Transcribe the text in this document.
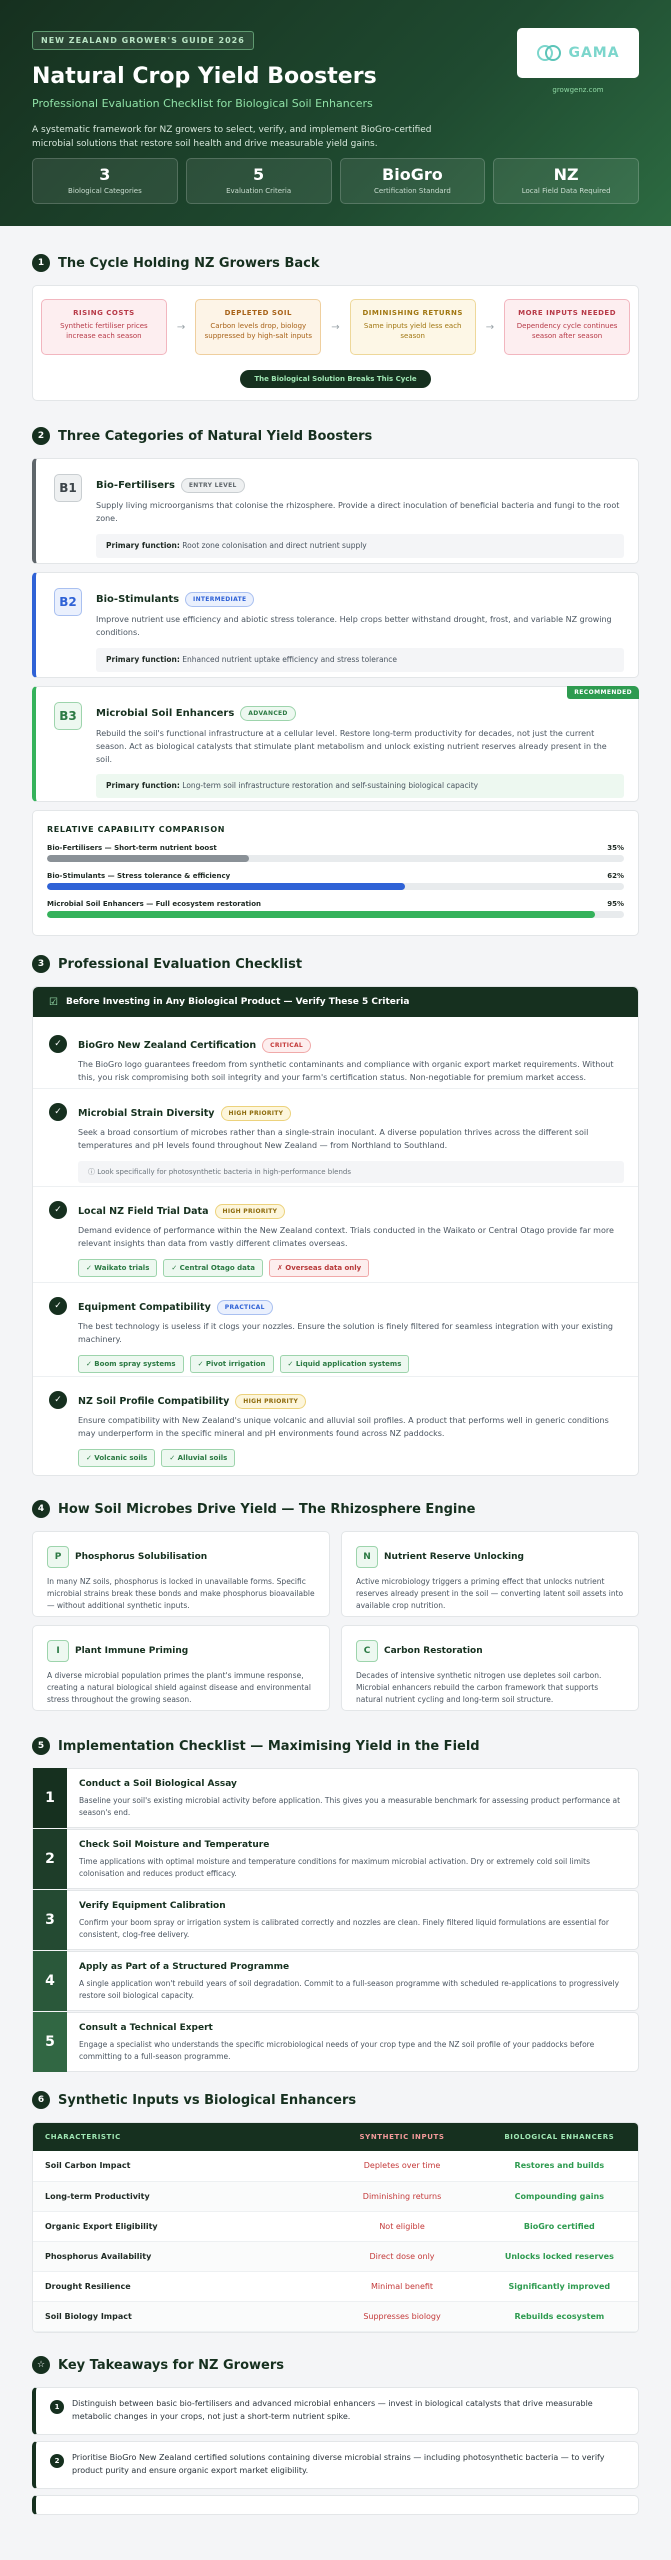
NEW ZEALAND GROWER'S GUIDE 2026
Natural Crop Yield Boosters
Professional Evaluation Checklist for Biological Soil Enhancers
A systematic framework for NZ growers to select, verify, and implement BioGro-certified microbial solutions that restore soil health and drive measurable yield gains.
GAMA
growgenz.com
3
Biological Categories
5
Evaluation Criteria
BioGro
Certification Standard
NZ
Local Field Data Required
1	The Cycle Holding NZ Growers Back
RISING COSTS
Synthetic fertiliser prices increase each season
→
DEPLETED SOIL
Carbon levels drop, biology suppressed by high-salt inputs
→
DIMINISHING RETURNS
Same inputs yield less each season
→
MORE INPUTS NEEDED
Dependency cycle continues season after season
The Biological Solution Breaks This Cycle
2	Three Categories of Natural Yield Boosters
B1	Bio-Fertilisers ENTRY LEVEL
Supply living microorganisms that colonise the rhizosphere. Provide a direct inoculation of beneficial bacteria and fungi to the root zone.
Primary function: Root zone colonisation and direct nutrient supply
B2	Bio-Stimulants INTERMEDIATE
Improve nutrient use efficiency and abiotic stress tolerance. Help crops better withstand drought, frost, and variable NZ growing conditions.
Primary function: Enhanced nutrient uptake efficiency and stress tolerance
RECOMMENDED
B3	Microbial Soil Enhancers ADVANCED
Rebuild the soil's functional infrastructure at a cellular level. Restore long-term productivity for decades, not just the current season. Act as biological catalysts that stimulate plant metabolism and unlock existing nutrient reserves already present in the soil.
Primary function: Long-term soil infrastructure restoration and self-sustaining biological capacity
RELATIVE CAPABILITY COMPARISON
Bio-Fertilisers — Short-term nutrient boost	35%
Bio-Stimulants — Stress tolerance & efficiency	62%
Microbial Soil Enhancers — Full ecosystem restoration	95%
3	Professional Evaluation Checklist
☑ Before Investing in Any Biological Product — Verify These 5 Criteria
✓	BioGro New Zealand Certification CRITICAL
The BioGro logo guarantees freedom from synthetic contaminants and compliance with organic export market requirements. Without this, you risk compromising both soil integrity and your farm's certification status. Non-negotiable for premium market access.
✓	Microbial Strain Diversity HIGH PRIORITY
Seek a broad consortium of microbes rather than a single-strain inoculant. A diverse population thrives across the different soil temperatures and pH levels found throughout New Zealand — from Northland to Southland.
ⓘ Look specifically for photosynthetic bacteria in high-performance blends
✓	Local NZ Field Trial Data HIGH PRIORITY
Demand evidence of performance within the New Zealand context. Trials conducted in the Waikato or Central Otago provide far more relevant insights than data from vastly different climates overseas.
✓ Waikato trials	✓ Central Otago data	✗ Overseas data only
✓	Equipment Compatibility PRACTICAL
The best technology is useless if it clogs your nozzles. Ensure the solution is finely filtered for seamless integration with your existing machinery.
✓ Boom spray systems	✓ Pivot irrigation	✓ Liquid application systems
✓	NZ Soil Profile Compatibility HIGH PRIORITY
Ensure compatibility with New Zealand's unique volcanic and alluvial soil profiles. A product that performs well in generic conditions may underperform in the specific mineral and pH environments found across NZ paddocks.
✓ Volcanic soils	✓ Alluvial soils
4	How Soil Microbes Drive Yield — The Rhizosphere Engine
P Phosphorus Solubilisation
In many NZ soils, phosphorus is locked in unavailable forms. Specific microbial strains break these bonds and make phosphorus bioavailable — without additional synthetic inputs.
N Nutrient Reserve Unlocking
Active microbiology triggers a priming effect that unlocks nutrient reserves already present in the soil — converting latent soil assets into available crop nutrition.
I Plant Immune Priming
A diverse microbial population primes the plant's immune response, creating a natural biological shield against disease and environmental stress throughout the growing season.
C Carbon Restoration
Decades of intensive synthetic nitrogen use depletes soil carbon. Microbial enhancers rebuild the carbon framework that supports natural nutrient cycling and long-term soil structure.
5	Implementation Checklist — Maximising Yield in the Field
1
Conduct a Soil Biological Assay
Baseline your soil's existing microbial activity before application. This gives you a measurable benchmark for assessing product performance at season's end.
2
Check Soil Moisture and Temperature
Time applications with optimal moisture and temperature conditions for maximum microbial activation. Dry or extremely cold soil limits colonisation and reduces product efficacy.
3
Verify Equipment Calibration
Confirm your boom spray or irrigation system is calibrated correctly and nozzles are clean. Finely filtered liquid formulations are essential for consistent, clog-free delivery.
4
Apply as Part of a Structured Programme
A single application won't rebuild years of soil degradation. Commit to a full-season programme with scheduled re-applications to progressively restore soil biological capacity.
5
Consult a Technical Expert
Engage a specialist who understands the specific microbiological needs of your crop type and the NZ soil profile of your paddocks before committing to a full-season programme.
6	Synthetic Inputs vs Biological Enhancers
CHARACTERISTIC	SYNTHETIC INPUTS	BIOLOGICAL ENHANCERS
Soil Carbon Impact	Depletes over time	Restores and builds
Long-term Productivity	Diminishing returns	Compounding gains
Organic Export Eligibility	Not eligible	BioGro certified
Phosphorus Availability	Direct dose only	Unlocks locked reserves
Drought Resilience	Minimal benefit	Significantly improved
Soil Biology Impact	Suppresses biology	Rebuilds ecosystem
☆ Key Takeaways for NZ Growers
1	Distinguish between basic bio-fertilisers and advanced microbial enhancers — invest in biological catalysts that drive measurable metabolic changes in your crops, not just a short-term nutrient spike.
2	Prioritise BioGro New Zealand certified solutions containing diverse microbial strains — including photosynthetic bacteria — to verify product purity and ensure organic export market eligibility.
